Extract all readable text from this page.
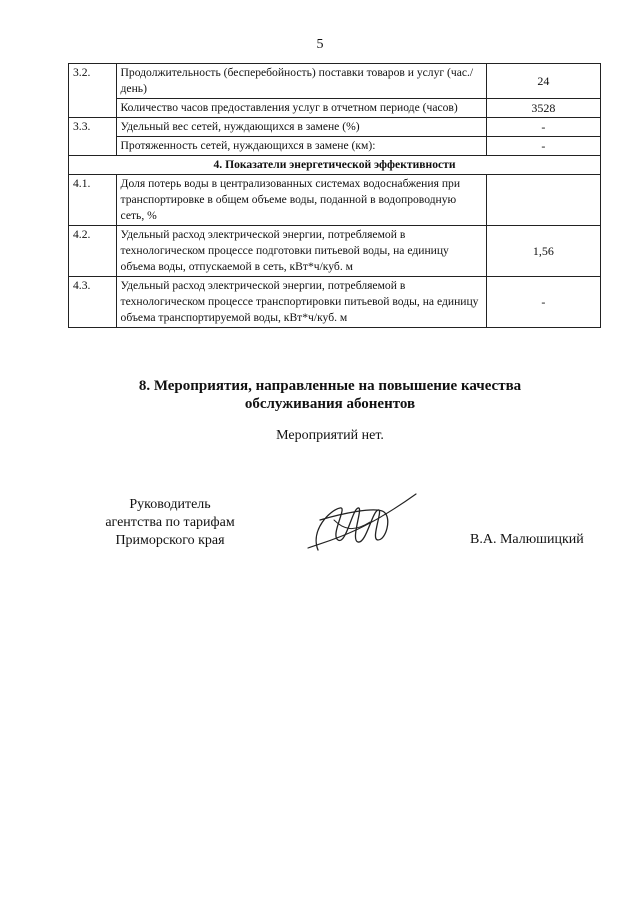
5
3.2.	Продолжительность (бесперебойность) поставки товаров и услуг (час./день)	24
	Количество часов предоставления услуг в отчетном периоде (часов)	3528
3.3.	Удельный вес сетей, нуждающихся в замене (%)	-
	Протяженность сетей, нуждающихся в замене (км):	-
4. Показатели энергетической эффективности		
4.1.	Доля потерь воды в централизованных системах водоснабжения при транспортировке в общем объеме воды, поданной в водопроводную сеть, %	
4.2.	Удельный расход электрической энергии, потребляемой в технологическом процессе подготовки питьевой воды, на единицу объема воды, отпускаемой в сеть, кВт*ч/куб. м	1,56
4.3.	Удельный расход электрической энергии, потребляемой в технологическом процессе транспортировки питьевой воды, на единицу объема транспортируемой воды, кВт*ч/куб. м	-
8. Мероприятия, направленные на повышение качества
обслуживания абонентов
Мероприятий нет.
Руководитель
агентства по тарифам
Приморского края	В.А. Малюшицкий
